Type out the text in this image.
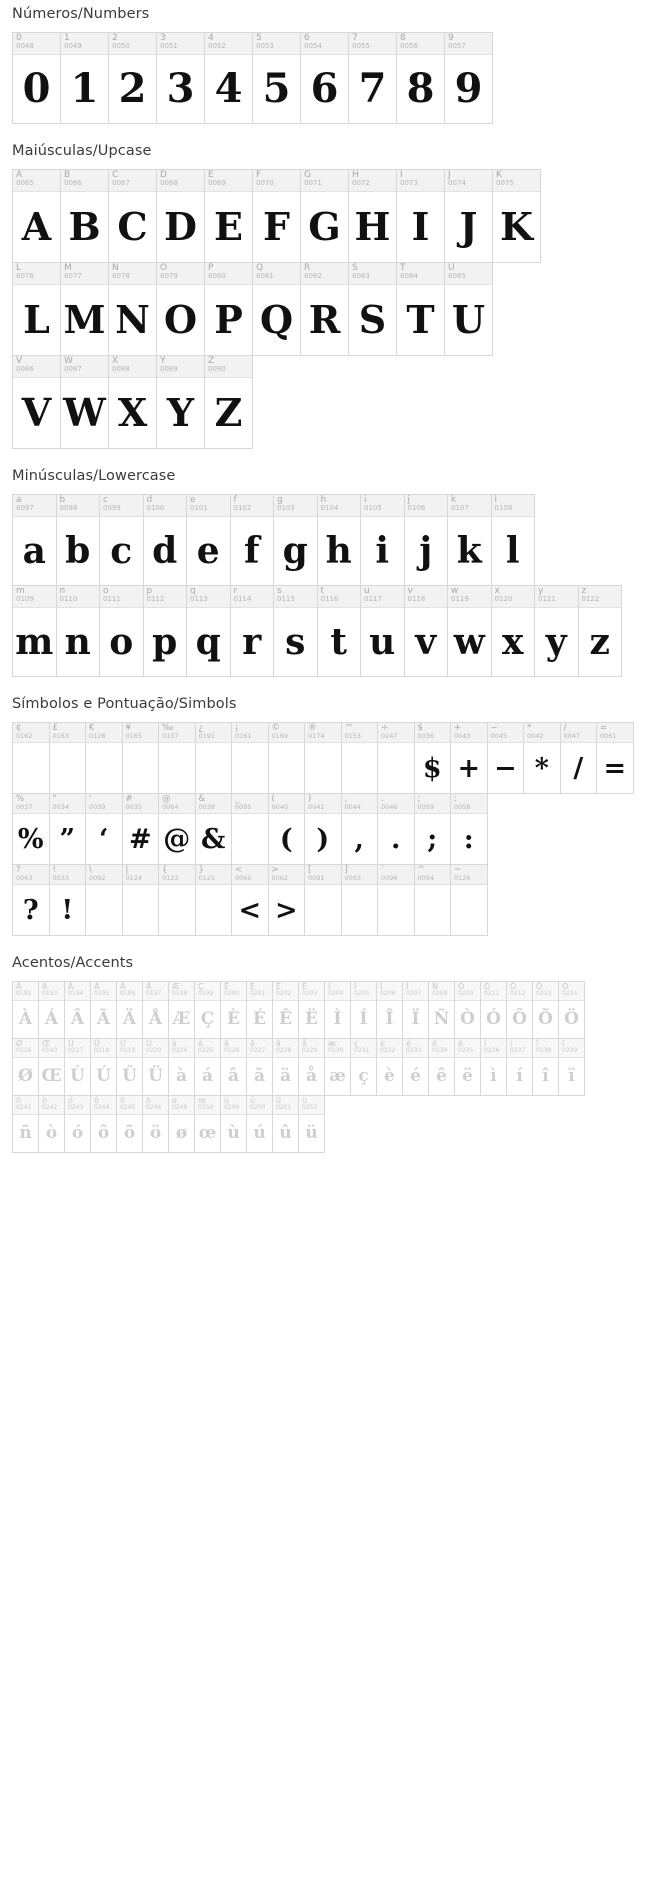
Números/Numbers
0
0048
0
1
0049
1
2
0050
2
3
0051
3
4
0052
4
5
0053
5
6
0054
6
7
0055
7
8
0056
8
9
0057
9
Maiúsculas/Upcase
A
0065
A
B
0066
B
C
0067
C
D
0068
D
E
0069
E
F
0070
F
G
0071
G
H
0072
H
I
0073
I
J
0074
J
K
0075
K
L
0076
L
M
0077
M
N
0078
N
O
0079
O
P
0080
P
Q
0081
Q
R
0082
R
S
0083
S
T
0084
T
U
0085
U
V
0086
V
W
0087
W
X
0088
X
Y
0089
Y
Z
0090
Z
Minúsculas/Lowercase
a
0097
a
b
0098
b
c
0099
c
d
0100
d
e
0101
e
f
0102
f
g
0103
g
h
0104
h
i
0105
i
j
0106
j
k
0107
k
l
0108
l
m
0109
m
n
0110
n
o
0111
o
p
0112
p
q
0113
q
r
0114
r
s
0115
s
t
0116
t
u
0117
u
v
0118
v
w
0119
w
x
0120
x
y
0121
y
z
0122
z
Símbolos e Pontuação/Simbols
¢
0162
£
0163
€
0128
¥
0165
‰
0137
¿
0191
¡
0161
©
0169
®
0174
™
0153
÷
0247
$
0036
$
+
0043
+
−
0045
−
*
0042
*
/
0047
/
=
0061
=
%
0037
%
"
0034
”
'
0039
‘
#
0035
#
@
0064
@
&
0038
&
_
0095
(
0040
(
)
0041
)
,
0044
,
.
0046
.
;
0059
;
:
0058
:
?
0063
?
!
0033
!
\
0092
|
0124
{
0123
}
0125
<
0060
<
>
0062
>
[
0091
]
0093
`
0096
^
0094
~
0126
Acentos/Accents
À
0192
À
Á
0193
Á
Â
0194
Â
Ã
0195
Ã
Ä
0196
Ä
Å
0197
Å
Æ
0198
Æ
Ç
0199
Ç
È
0200
È
É
0201
É
Ê
0202
Ê
Ë
0203
Ë
Ì
0204
Ì
Í
0205
Í
Î
0206
Î
Ï
0207
Ï
Ñ
0209
Ñ
Ò
0210
Ò
Ó
0211
Ó
Ô
0212
Ô
Õ
0213
Õ
Ö
0214
Ö
Ø
0216
Ø
Œ
0140
Œ
Ù
0217
Ù
Ú
0218
Ú
Û
0219
Û
Ü
0220
Ü
à
0224
à
á
0225
á
â
0226
â
ã
0227
ã
ä
0228
ä
å
0229
å
æ
0230
æ
ç
0231
ç
è
0232
è
é
0233
é
ê
0234
ê
ë
0235
ë
ì
0236
ì
í
0237
í
î
0238
î
ï
0239
ï
ñ
0241
ñ
ò
0242
ò
ó
0243
ó
ô
0244
ô
õ
0245
õ
ö
0246
ö
ø
0248
ø
œ
0156
œ
ù
0249
ù
ú
0250
ú
û
0251
û
ü
0252
ü
